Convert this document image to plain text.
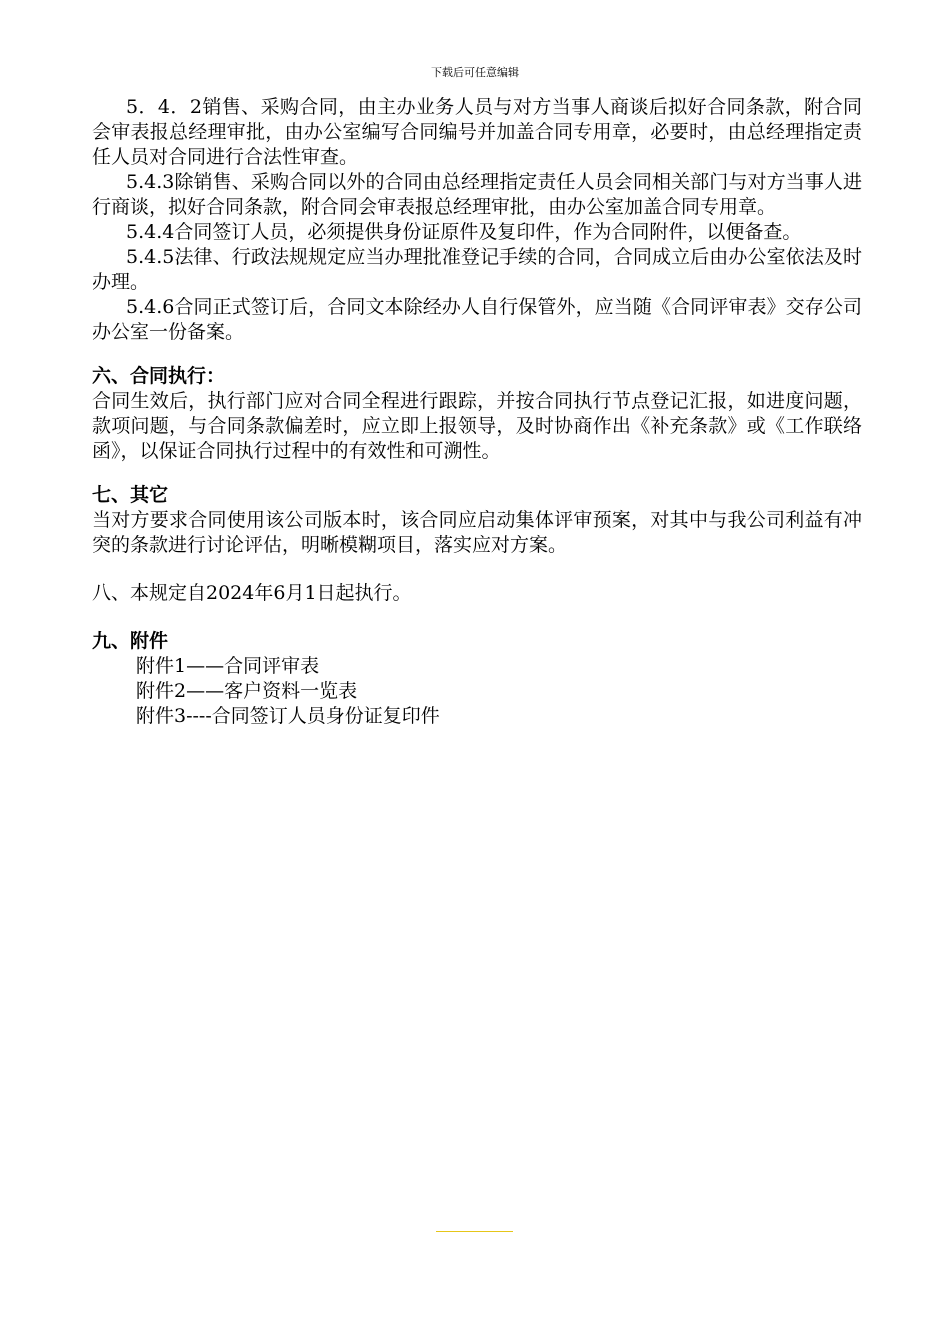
下载后可任意编辑

5．4．2销售、采购合同，由主办业务人员与对方当事人商谈后拟好合同条款，附合同会审表报总经理审批，由办公室编写合同编号并加盖合同专用章，必要时，由总经理指定责任人员对合同进行合法性审查。

5.4.3除销售、采购合同以外的合同由总经理指定责任人员会同相关部门与对方当事人进行商谈，拟好合同条款，附合同会审表报总经理审批，由办公室加盖合同专用章。

5.4.4合同签订人员，必须提供身份证原件及复印件，作为合同附件，以便备查。

5.4.5法律、行政法规规定应当办理批准登记手续的合同，合同成立后由办公室依法及时办理。

5.4.6合同正式签订后，合同文本除经办人自行保管外，应当随《合同评审表》交存公司办公室一份备案。

六、合同执行：

合同生效后，执行部门应对合同全程进行跟踪，并按合同执行节点登记汇报，如进度问题，款项问题，与合同条款偏差时，应立即上报领导，及时协商作出《补充条款》或《工作联络函》，以保证合同执行过程中的有效性和可溯性。

七、其它

当对方要求合同使用该公司版本时，该合同应启动集体评审预案，对其中与我公司利益有冲突的条款进行讨论评估，明晰模糊项目，落实应对方案。

八、本规定自2024年6月1日起执行。

九、附件

附件1——合同评审表
附件2——客户资料一览表
附件3----合同签订人员身份证复印件
